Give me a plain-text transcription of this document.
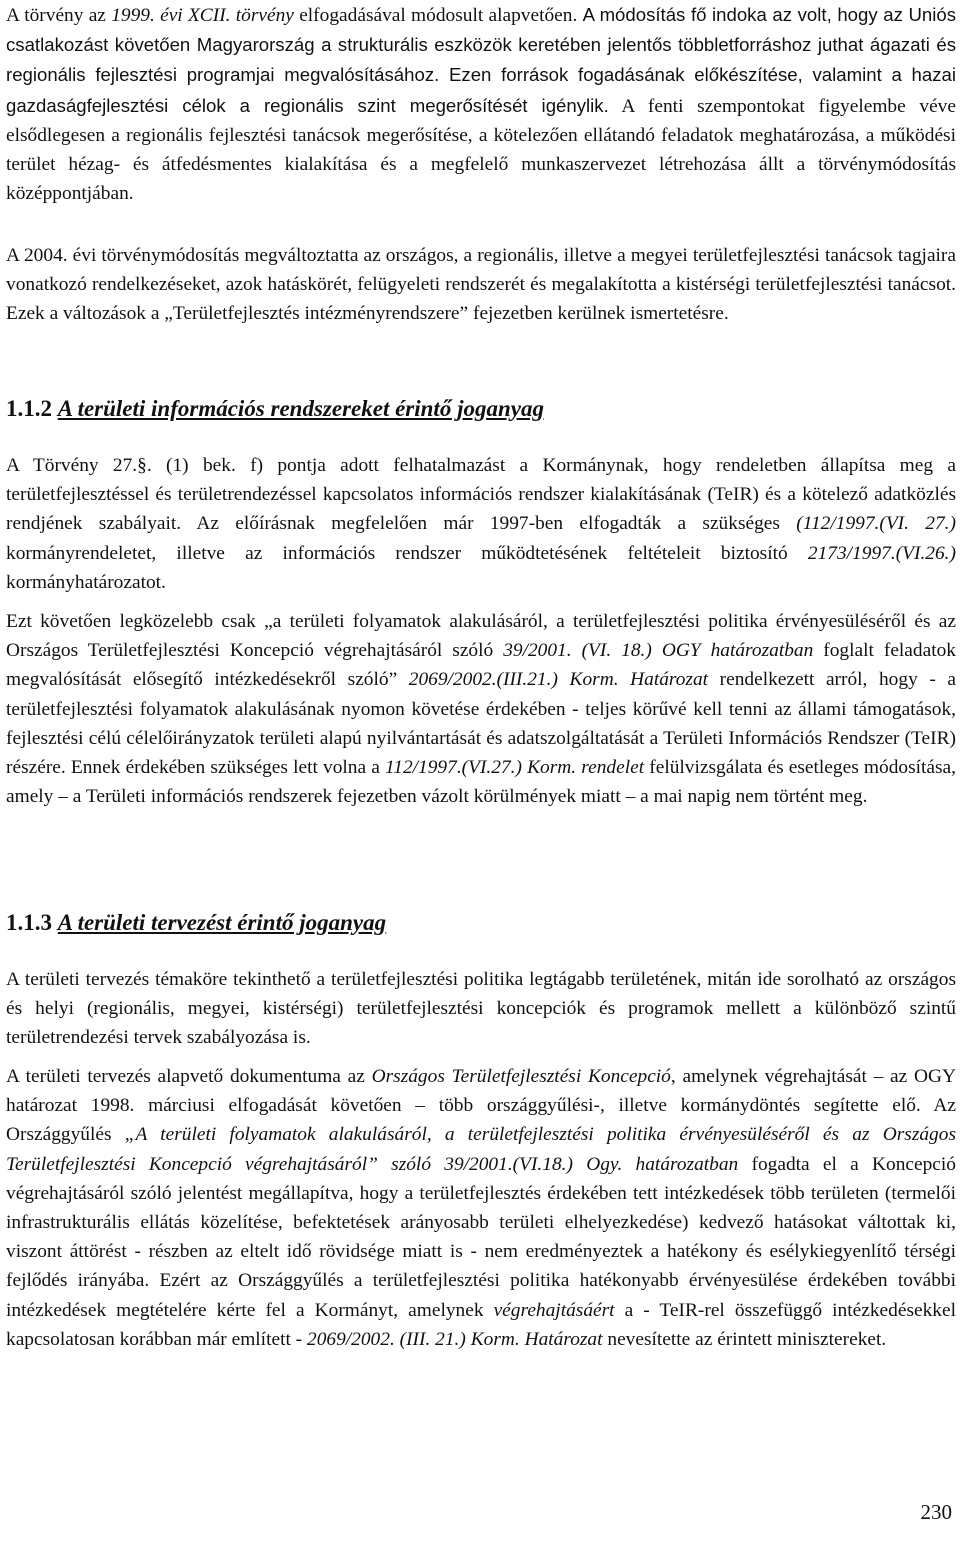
A törvény az 1999. évi XCII. törvény elfogadásával módosult alapvetően. A módosítás fő indoka az volt, hogy az Uniós csatlakozást követően Magyarország a strukturális eszközök keretében jelentős többletforráshoz juthat ágazati és regionális fejlesztési programjai megvalósításához. Ezen források fogadásának előkészítése, valamint a hazai gazdaságfejlesztési célok a regionális szint megerősítését igénylik. A fenti szempontokat figyelembe véve elsődlegesen a regionális fejlesztési tanácsok megerősítése, a kötelezően ellátandó feladatok meghatározása, a működési terület hézag- és átfedésmentes kialakítása és a megfelelő munkaszervezet létrehozása állt a törvénymódosítás középpontjában.

A 2004. évi törvénymódosítás megváltoztatta az országos, a regionális, illetve a megyei területfejlesztési tanácsok tagjaira vonatkozó rendelkezéseket, azok hatáskörét, felügyeleti rendszerét és megalakította a kistérségi területfejlesztési tanácsot. Ezek a változások a „Területfejlesztés intézményrendszere” fejezetben kerülnek ismertetésre.

1.1.2 A területi információs rendszereket érintő joganyag

A Törvény 27.§. (1) bek. f) pontja adott felhatalmazást a Kormánynak, hogy rendeletben állapítsa meg a területfejlesztéssel és területrendezéssel kapcsolatos információs rendszer kialakításának (TeIR) és a kötelező adatközlés rendjének szabályait. Az előírásnak megfelelően már 1997-ben elfogadták a szükséges (112/1997.(VI. 27.) kormányrendeletet, illetve az információs rendszer működtetésének feltételeit biztosító 2173/1997.(VI.26.) kormányhatározatot.

Ezt követően legközelebb csak „a területi folyamatok alakulásáról, a területfejlesztési politika érvényesüléséről és az Országos Területfejlesztési Koncepció végrehajtásáról szóló 39/2001. (VI. 18.) OGY határozatban foglalt feladatok megvalósítását elősegítő intézkedésekről szóló” 2069/2002.(III.21.) Korm. Határozat rendelkezett arról, hogy - a területfejlesztési folyamatok alakulásának nyomon követése érdekében - teljes körűvé kell tenni az állami támogatások, fejlesztési célú célelőirányzatok területi alapú nyilvántartását és adatszolgáltatását a Területi Információs Rendszer (TeIR) részére. Ennek érdekében szükséges lett volna a 112/1997.(VI.27.) Korm. rendelet felülvizsgálata és esetleges módosítása, amely – a Területi információs rendszerek fejezetben vázolt körülmények miatt – a mai napig nem történt meg.

1.1.3 A területi tervezést érintő joganyag

A területi tervezés témaköre tekinthető a területfejlesztési politika legtágabb területének, mitán ide sorolható az országos és helyi (regionális, megyei, kistérségi) területfejlesztési koncepciók és programok mellett a különböző szintű területrendezési tervek szabályozása is.

A területi tervezés alapvető dokumentuma az Országos Területfejlesztési Koncepció, amelynek végrehajtását – az OGY határozat 1998. márciusi elfogadását követően – több országgyűlési-, illetve kormánydöntés segítette elő. Az Országgyűlés „A területi folyamatok alakulásáról, a területfejlesztési politika érvényesüléséről és az Országos Területfejlesztési Koncepció végrehajtásáról” szóló 39/2001.(VI.18.) Ogy. határozatban fogadta el a Koncepció végrehajtásáról szóló jelentést megállapítva, hogy a területfejlesztés érdekében tett intézkedések több területen (termelői infrastrukturális ellátás közelítése, befektetések arányosabb területi elhelyezkedése) kedvező hatásokat váltottak ki, viszont áttörést - részben az eltelt idő rövidsége miatt is - nem eredményeztek a hatékony és esélykiegyenlítő térségi fejlődés irányába. Ezért az Országgyűlés a területfejlesztési politika hatékonyabb érvényesülése érdekében további intézkedések megtételére kérte fel a Kormányt, amelynek végrehajtásáért a - TeIR-rel összefüggő intézkedésekkel kapcsolatosan korábban már említett - 2069/2002. (III. 21.) Korm. Határozat nevesítette az érintett minisztereket.

230
